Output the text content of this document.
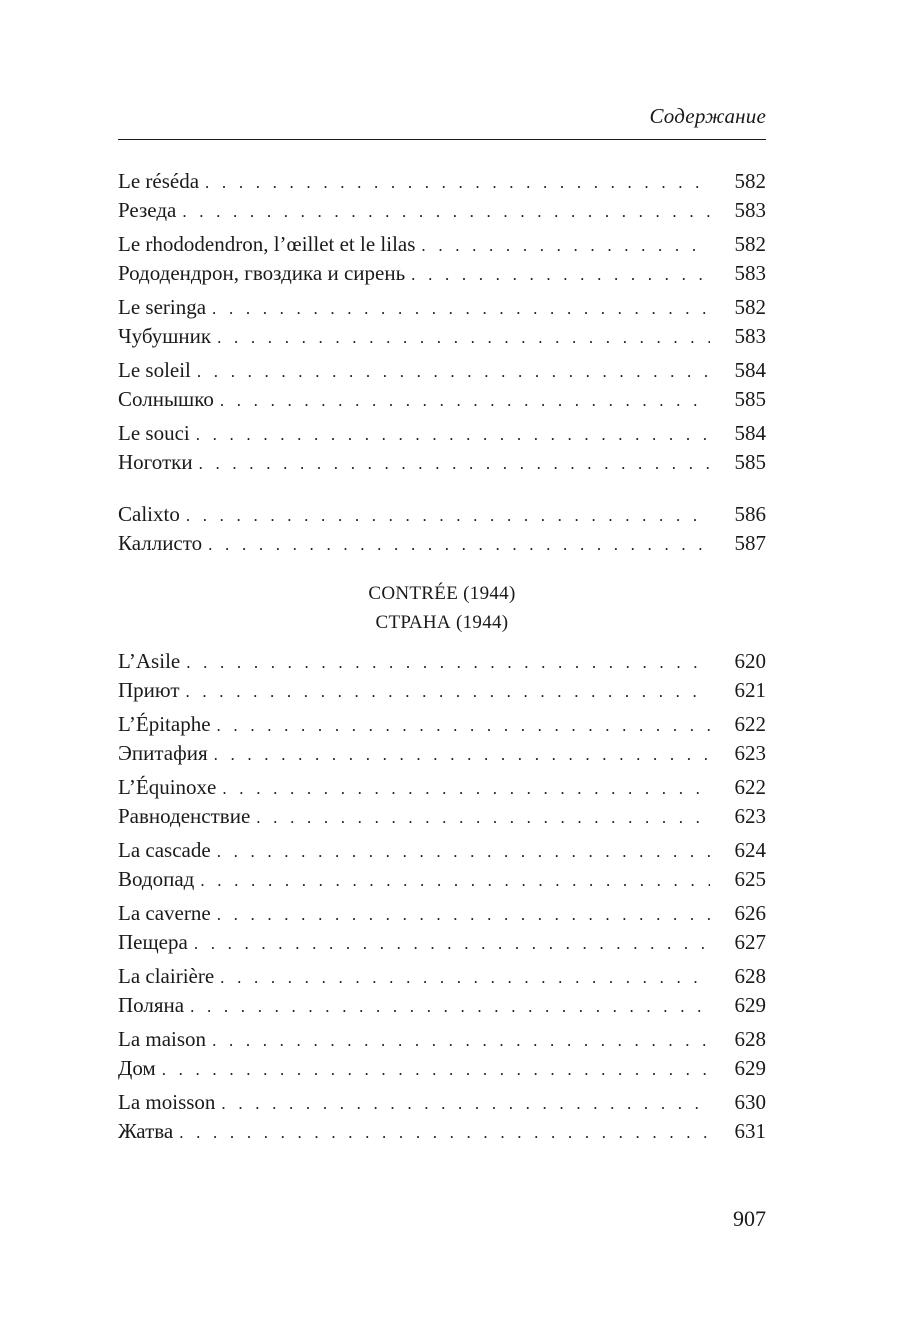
Содержание
Le réséda . . .	582
Резеда . . .	583
Le rhododendron, l’œillet et le lilas . . .	582
Рододендрон, гвоздика и сирень . . .	583
Le seringa . . .	582
Чубушник . . .	583
Le soleil . . .	584
Солнышко . . .	585
Le souci . . .	584
Ноготки . . .	585
Calixto . . .	586
Каллисто . . .	587
CONTRÉE (1944)
СТРАНА (1944)
L’Asile . . .	620
Приют . . .	621
L’Épitaphe . . .	622
Эпитафия . . .	623
L’Équinoxe . . .	622
Равноденствие . . .	623
La cascade . . .	624
Водопад . . .	625
La caverne . . .	626
Пещера . . .	627
La clairière . . .	628
Поляна . . .	629
La maison . . .	628
Дом . . .	629
La moisson . . .	630
Жатва . . .	631
907
